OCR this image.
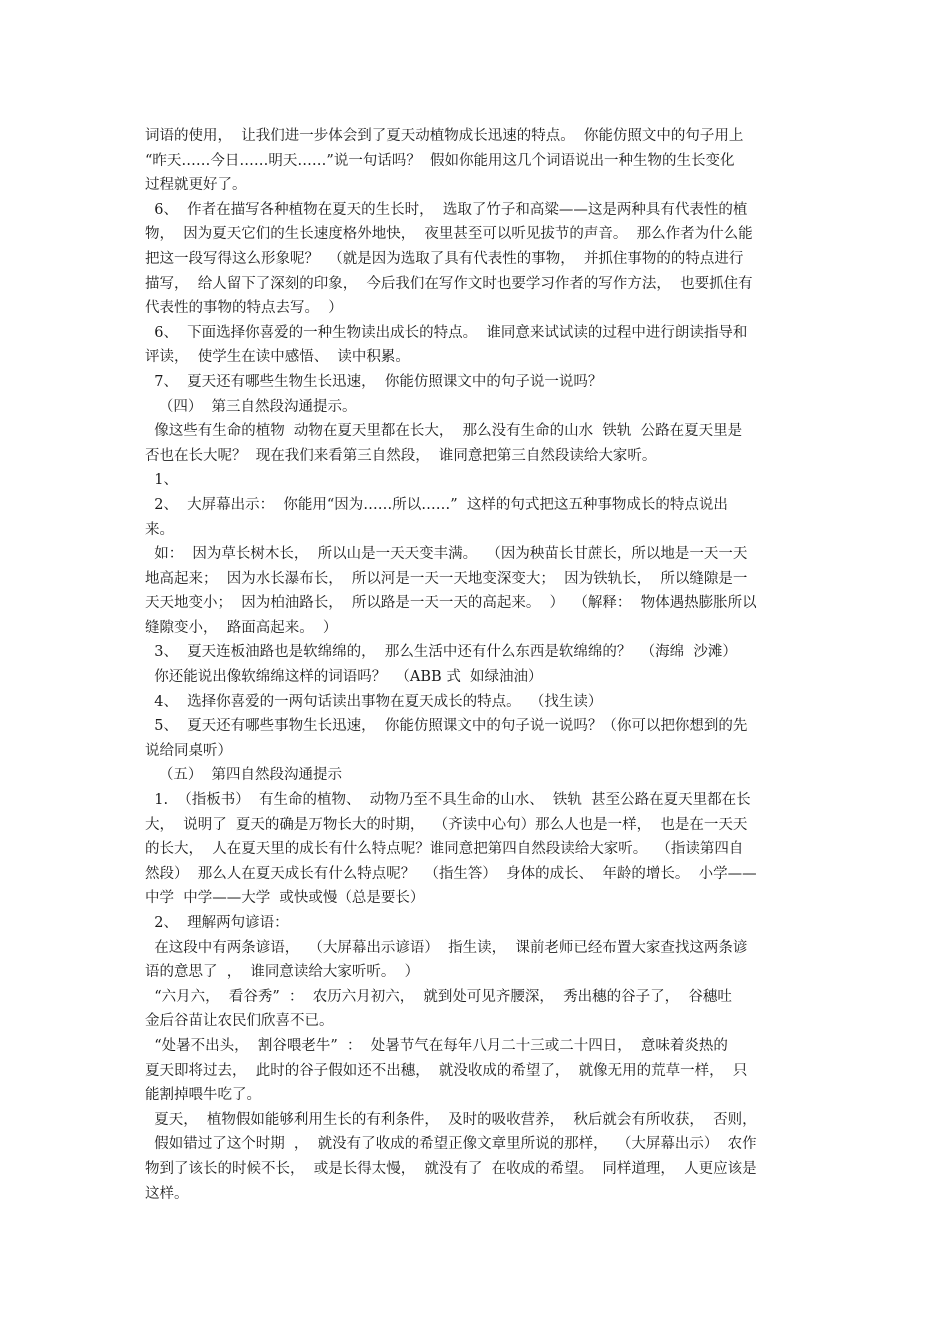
词语的使用，  让我们进一步体会到了夏天动植物成长迅速的特点。  你能仿照文中的句子用上

“昨天……今日……明天……”说一句话吗？  假如你能用这几个词语说出一种生物的生长变化

过程就更好了。

6、  作者在描写各种植物在夏天的生长时，  选取了竹子和高粱——这是两种具有代表性的植

物，  因为夏天它们的生长速度格外地快，  夜里甚至可以听见拔节的声音。  那么作者为什么能

把这一段写得这么形象呢？  （就是因为选取了具有代表性的事物，  并抓住事物的的特点进行

描写，  给人留下了深刻的印象，  今后我们在写作文时也要学习作者的写作方法，  也要抓住有

代表性的事物的特点去写。  ）

6、  下面选择你喜爱的一种生物读出成长的特点。  谁同意来试试读的过程中进行朗读指导和

评读，  使学生在读中感悟、  读中积累。

7、  夏天还有哪些生物生长迅速，  你能仿照课文中的句子说一说吗？

（四）  第三自然段沟通提示。

像这些有生命的植物  动物在夏天里都在长大，  那么没有生命的山水  铁轨  公路在夏天里是

否也在长大呢？  现在我们来看第三自然段，  谁同意把第三自然段读给大家听。

1、

2、  大屏幕出示：  你能用“因为……所以……”  这样的句式把这五种事物成长的特点说出

来。

如：  因为草长树木长，  所以山是一天天变丰满。  （因为秧苗长甘蔗长，所以地是一天一天

地高起来；  因为水长瀑布长，  所以河是一天一天地变深变大；  因为铁轨长，  所以缝隙是一

天天地变小；  因为柏油路长，  所以路是一天一天的高起来。  ）  （解释：  物体遇热膨胀所以

缝隙变小，  路面高起来。  ）

3、  夏天连板油路也是软绵绵的，  那么生活中还有什么东西是软绵绵的？  （海绵  沙滩）

你还能说出像软绵绵这样的词语吗？  （ABB 式  如绿油油）

4、  选择你喜爱的一两句话读出事物在夏天成长的特点。  （找生读）

5、  夏天还有哪些事物生长迅速，  你能仿照课文中的句子说一说吗？（你可以把你想到的先

说给同桌听）

（五）  第四自然段沟通提示

1.  （指板书）  有生命的植物、  动物乃至不具生命的山水、  铁轨  甚至公路在夏天里都在长

大，  说明了  夏天的确是万物长大的时期，  （齐读中心句）那么人也是一样，  也是在一天天

的长大，  人在夏天里的成长有什么特点呢？谁同意把第四自然段读给大家听。  （指读第四自

然段）  那么人在夏天成长有什么特点呢？  （指生答）  身体的成长、  年龄的增长。  小学——

中学  中学——大学  或快或慢（总是要长）

2、  理解两句谚语：

在这段中有两条谚语，  （大屏幕出示谚语）  指生读，  课前老师已经布置大家查找这两条谚

语的意思了  ，  谁同意读给大家听听。  ）

“六月六，  看谷秀”  ：  农历六月初六，  就到处可见齐腰深，  秀出穗的谷子了，  谷穗吐

金后谷苗让农民们欣喜不已。

“处暑不出头，  割谷喂老牛”  ：  处暑节气在每年八月二十三或二十四日，  意味着炎热的

夏天即将过去，  此时的谷子假如还不出穗，  就没收成的希望了，  就像无用的荒草一样，  只

能割掉喂牛吃了。

夏天，  植物假如能够利用生长的有利条件，  及时的吸收营养，  秋后就会有所收获，  否则，

假如错过了这个时期  ，  就没有了收成的希望正像文章里所说的那样，  （大屏幕出示）  农作

物到了该长的时候不长，  或是长得太慢，  就没有了  在收成的希望。  同样道理，  人更应该是

这样。
